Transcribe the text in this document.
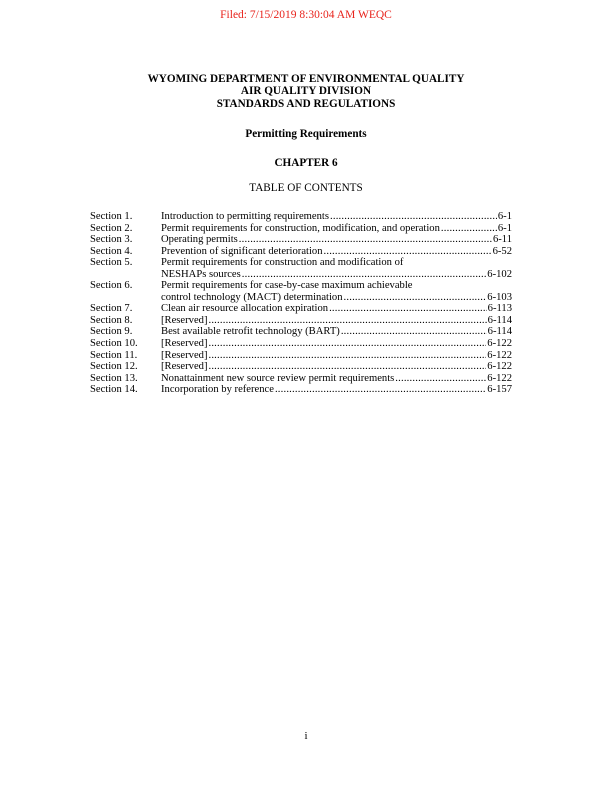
Filed: 7/15/2019 8:30:04 AM WEQC
WYOMING DEPARTMENT OF ENVIRONMENTAL QUALITY
AIR QUALITY DIVISION
STANDARDS AND REGULATIONS
Permitting Requirements
CHAPTER 6
TABLE OF CONTENTS
Section 1.	Introduction to permitting requirements .....	6-1
Section 2.	Permit requirements for construction, modification, and operation .....	6-1
Section 3.	Operating permits .....	6-11
Section 4.	Prevention of significant deterioration .....	6-52
Section 5.	Permit requirements for construction and modification of
NESHAPs sources .....	6-102
Section 6.	Permit requirements for case-by-case maximum achievable
control technology (MACT) determination .....	6-103
Section 7.	Clean air resource allocation expiration .....	6-113
Section 8.	[Reserved] .....	6-114
Section 9.	Best available retrofit technology (BART) .....	6-114
Section 10.	[Reserved] .....	6-122
Section 11.	[Reserved] .....	6-122
Section 12.	[Reserved] .....	6-122
Section 13.	Nonattainment new source review permit requirements .....	6-122
Section 14.	Incorporation by reference .....	6-157
i
